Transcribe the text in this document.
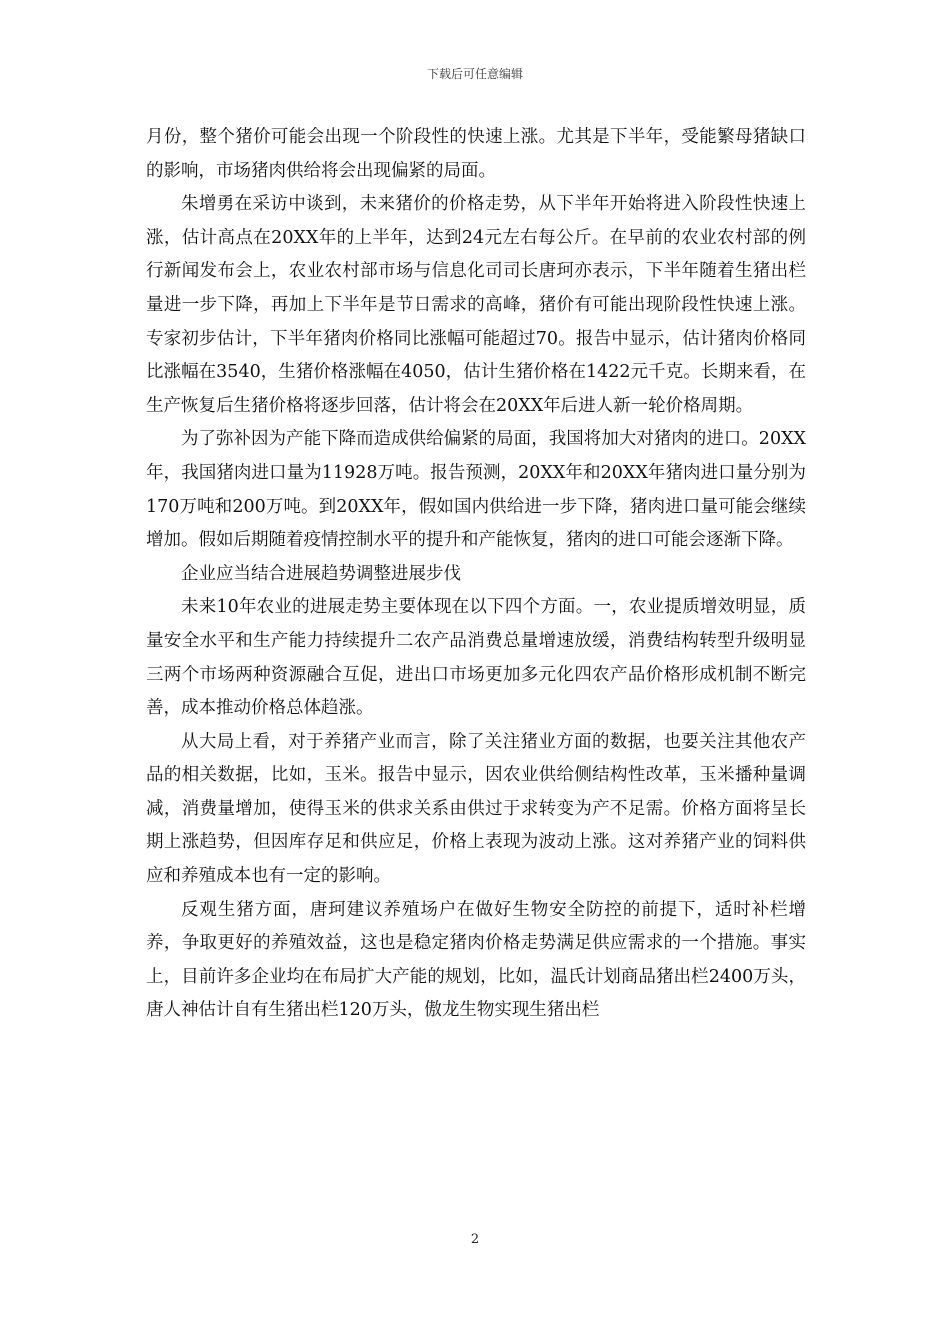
下载后可任意编辑

月份，整个猪价可能会出现一个阶段性的快速上涨。尤其是下半年，受能繁母猪缺口的影响，市场猪肉供给将会出现偏紧的局面。

朱增勇在采访中谈到，未来猪价的价格走势，从下半年开始将进入阶段性快速上涨，估计高点在20XX年的上半年，达到24元左右每公斤。在早前的农业农村部的例行新闻发布会上，农业农村部市场与信息化司司长唐珂亦表示，下半年随着生猪出栏量进一步下降，再加上下半年是节日需求的高峰，猪价有可能出现阶段性快速上涨。专家初步估计，下半年猪肉价格同比涨幅可能超过70。报告中显示，估计猪肉价格同比涨幅在3540，生猪价格涨幅在4050，估计生猪价格在1422元千克。长期来看，在生产恢复后生猪价格将逐步回落，估计将会在20XX年后进人新一轮价格周期。

为了弥补因为产能下降而造成供给偏紧的局面，我国将加大对猪肉的进口。20XX年，我国猪肉进口量为11928万吨。报告预测，20XX年和20XX年猪肉进口量分别为170万吨和200万吨。到20XX年，假如国内供给进一步下降，猪肉进口量可能会继续增加。假如后期随着疫情控制水平的提升和产能恢复，猪肉的进口可能会逐渐下降。

企业应当结合进展趋势调整进展步伐

未来10年农业的进展走势主要体现在以下四个方面。一，农业提质增效明显，质量安全水平和生产能力持续提升二农产品消费总量增速放缓，消费结构转型升级明显三两个市场两种资源融合互促，进出口市场更加多元化四农产品价格形成机制不断完善，成本推动价格总体趋涨。

从大局上看，对于养猪产业而言，除了关注猪业方面的数据，也要关注其他农产品的相关数据，比如，玉米。报告中显示，因农业供给侧结构性改革，玉米播种量调减，消费量增加，使得玉米的供求关系由供过于求转变为产不足需。价格方面将呈长期上涨趋势，但因库存足和供应足，价格上表现为波动上涨。这对养猪产业的饲料供应和养殖成本也有一定的影响。

反观生猪方面，唐珂建议养殖场户在做好生物安全防控的前提下，适时补栏增养，争取更好的养殖效益，这也是稳定猪肉价格走势满足供应需求的一个措施。事实上，目前许多企业均在布局扩大产能的规划，比如，温氏计划商品猪出栏2400万头，唐人神估计自有生猪出栏120万头，傲龙生物实现生猪出栏

2
